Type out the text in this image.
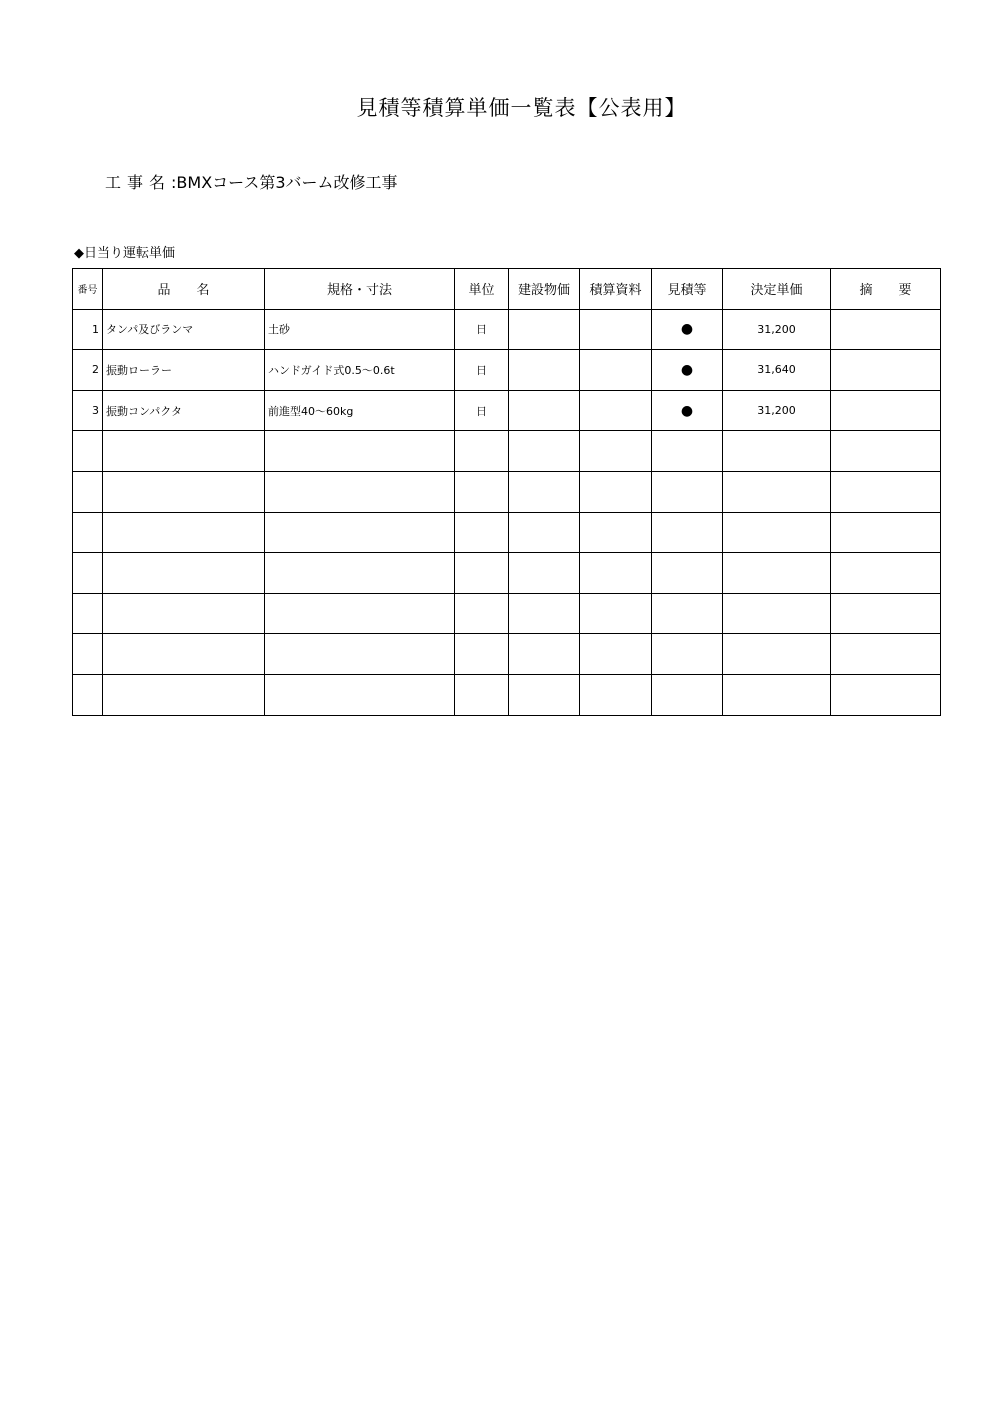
見積等積算単価一覧表【公表用】
工事名:BMXコース第3バーム改修工事
◆日当り運転単価
番号	品　　名	規格・寸法	単位	建設物価	積算資料	見積等	決定単価	摘　　要
1	タンパ及びランマ	土砂	日			●	31,200	
2	振動ローラー	ハンドガイド式0.5～0.6t	日			●	31,640	
3	振動コンパクタ	前進型40～60kg	日			●	31,200	
